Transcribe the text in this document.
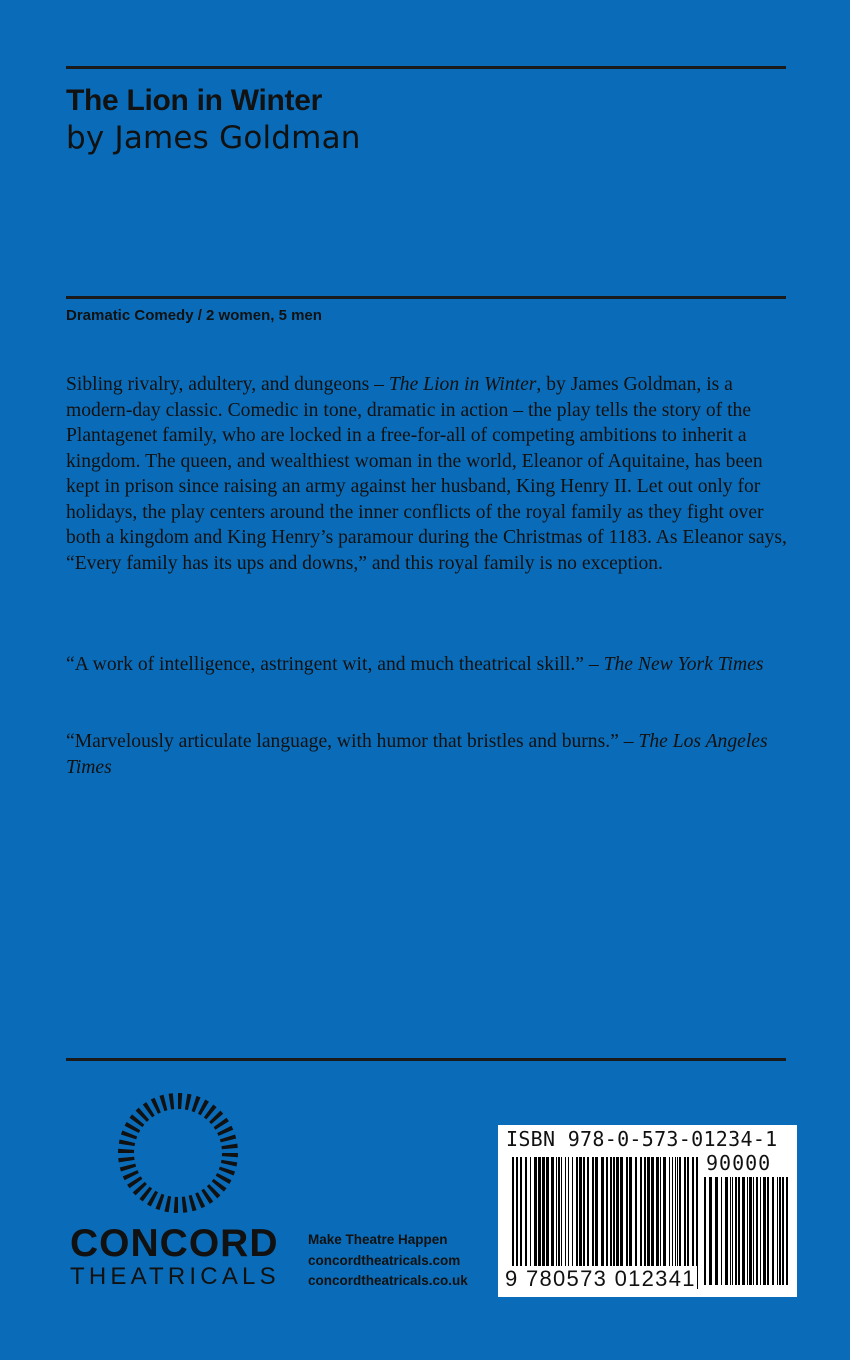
The Lion in Winter
by James Goldman
Dramatic Comedy / 2 women, 5 men

Sibling rivalry, adultery, and dungeons – The Lion in Winter, by James Goldman, is a modern-day classic. Comedic in tone, dramatic in action – the play tells the story of the Plantagenet family, who are locked in a free-for-all of competing ambitions to inherit a kingdom. The queen, and wealthiest woman in the world, Eleanor of Aquitaine, has been kept in prison since raising an army against her husband, King Henry II. Let out only for holidays, the play centers around the inner conflicts of the royal family as they fight over both a kingdom and King Henry’s paramour during the Christmas of 1183. As Eleanor says, “Every family has its ups and downs,” and this royal family is no exception.

“A work of intelligence, astringent wit, and much theatrical skill.” – The New York Times

“Marvelously articulate language, with humor that bristles and burns.” – The Los Angeles Times

CONCORD
THEATRICALS
Make Theatre Happen
concordtheatricals.com
concordtheatricals.co.uk
ISBN 978-0-573-01234-1
90000
9 780573 012341
